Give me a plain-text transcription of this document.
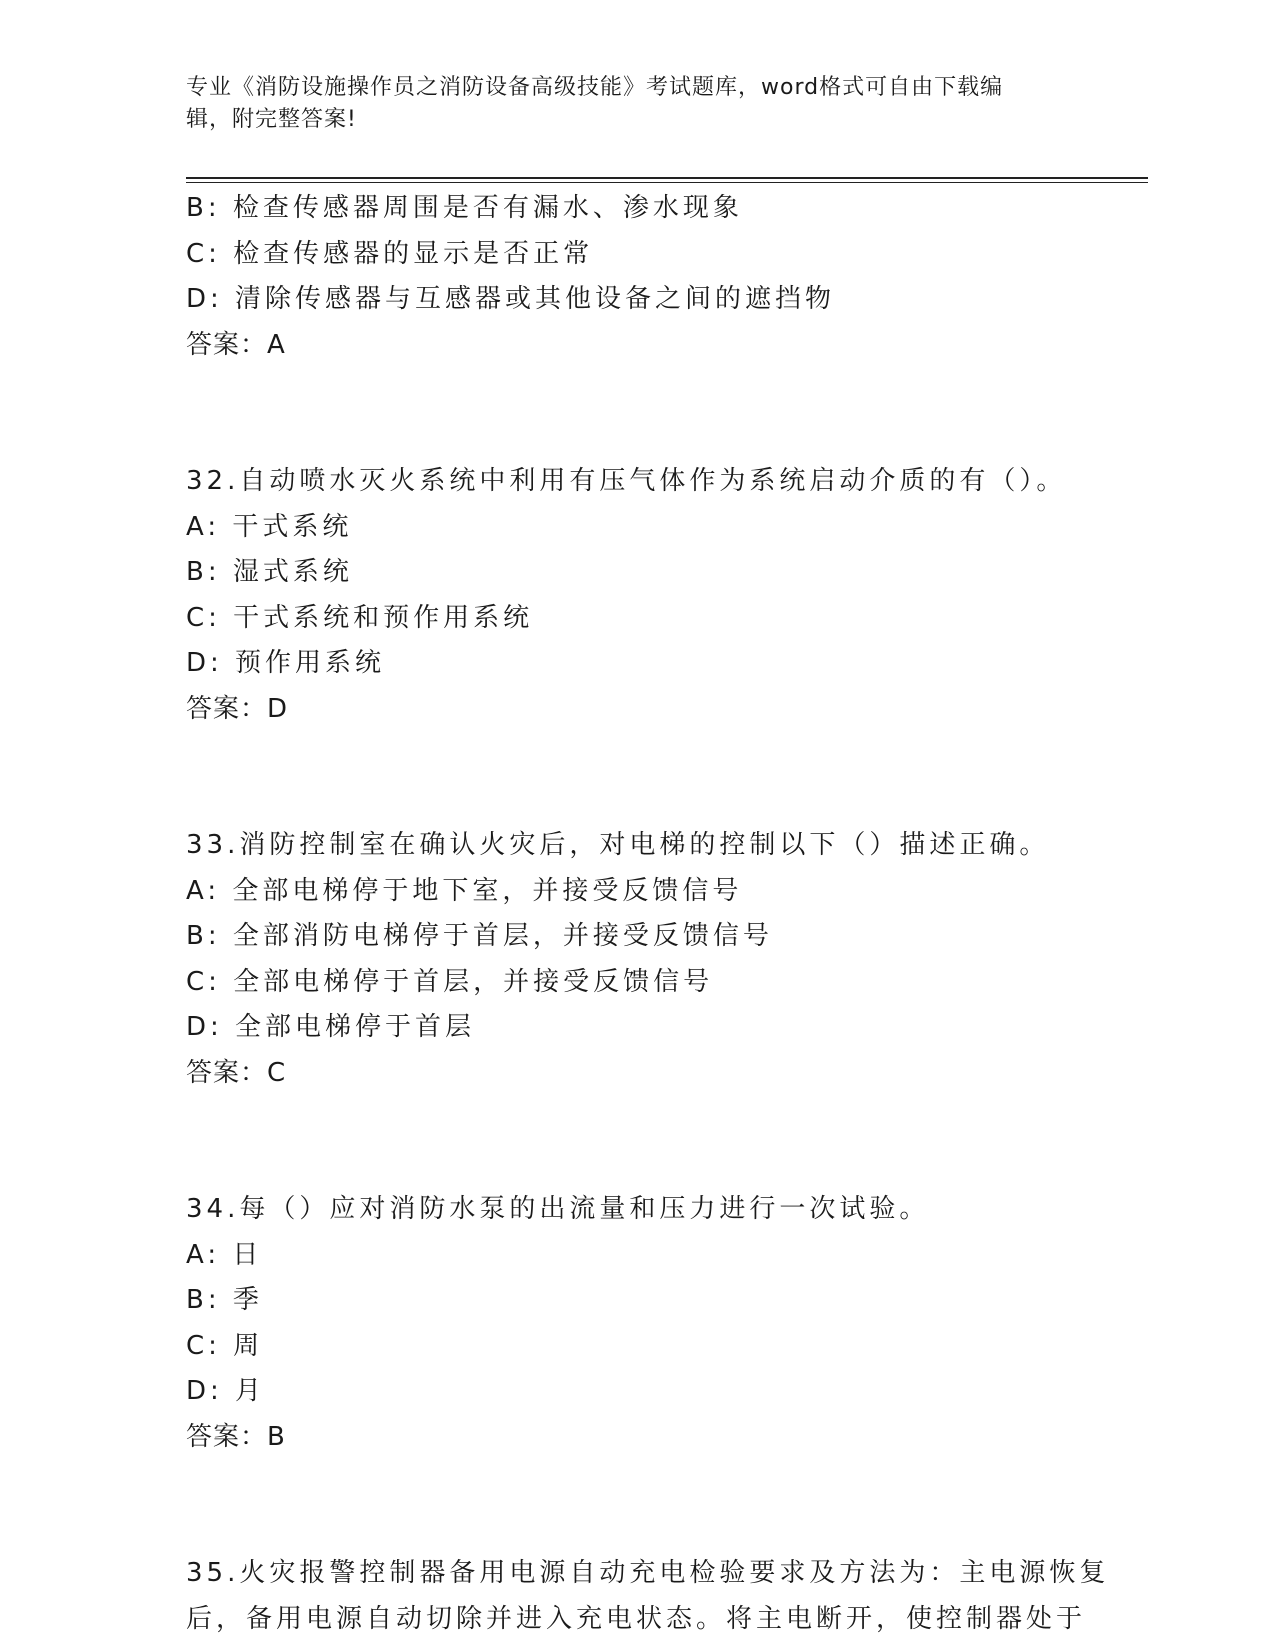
专业《消防设施操作员之消防设备高级技能》考试题库，word格式可自由下载编
辑，附完整答案!
B: 检查传感器周围是否有漏水、渗水现象
C: 检查传感器的显示是否正常
D: 清除传感器与互感器或其他设备之间的遮挡物
答案：A
32.自动喷水灭火系统中利用有压气体作为系统启动介质的有（）。
A: 干式系统
B: 湿式系统
C: 干式系统和预作用系统
D: 预作用系统
答案：D
33.消防控制室在确认火灾后，对电梯的控制以下（）描述正确。
A: 全部电梯停于地下室，并接受反馈信号
B: 全部消防电梯停于首层，并接受反馈信号
C: 全部电梯停于首层，并接受反馈信号
D: 全部电梯停于首层
答案：C
34.每（）应对消防水泵的出流量和压力进行一次试验。
A: 日
B: 季
C: 周
D: 月
答案：B
35.火灾报警控制器备用电源自动充电检验要求及方法为：主电源恢复
后，备用电源自动切除并进入充电状态。将主电断开，使控制器处于
